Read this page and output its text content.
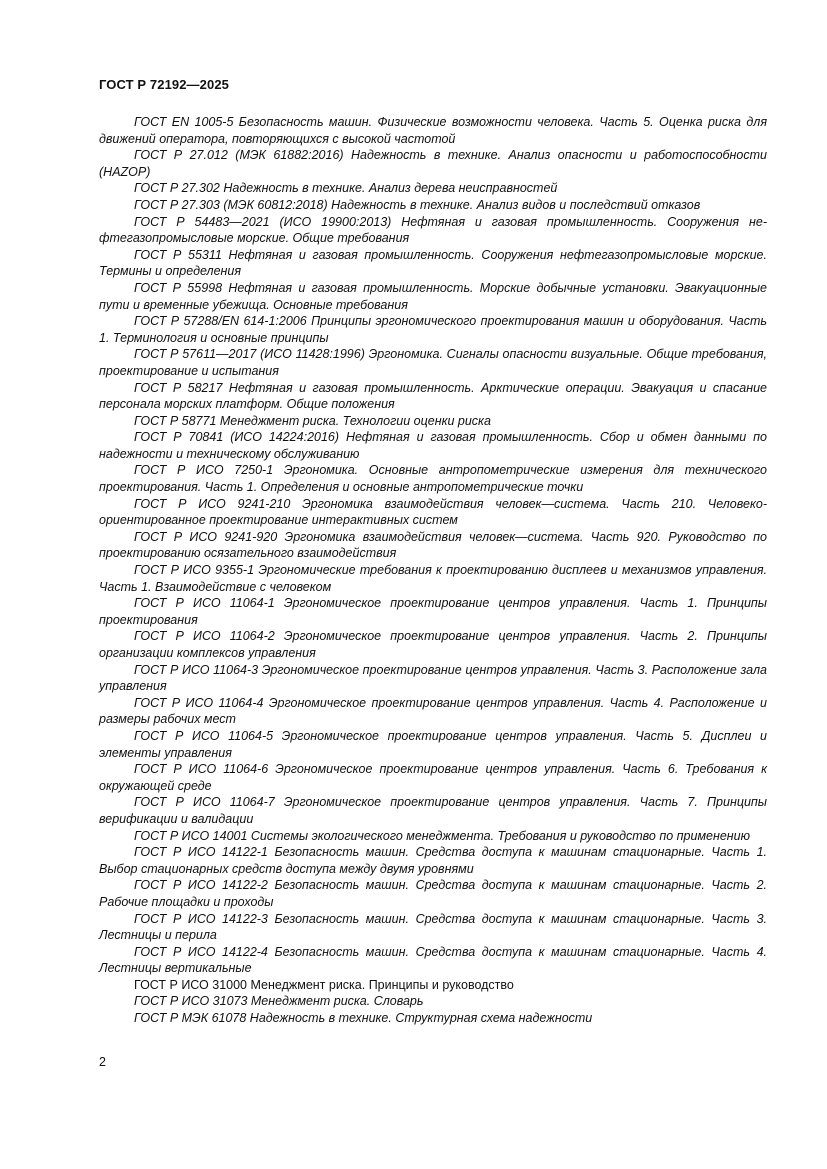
ГОСТ Р 72192—2025

ГОСТ EN 1005-5 Безопасность машин. Физические возможности человека. Часть 5. Оценка риска для движений оператора, повторяющихся с высокой частотой

ГОСТ Р 27.012 (МЭК 61882:2016) Надежность в технике. Анализ опасности и работоспособности (HAZOP)

ГОСТ Р 27.302 Надежность в технике. Анализ дерева неисправностей

ГОСТ Р 27.303 (МЭК 60812:2018) Надежность в технике. Анализ видов и последствий отказов

ГОСТ Р 54483—2021 (ИСО 19900:2013) Нефтяная и газовая промышленность. Сооружения нефтегазопромысловые морские. Общие требования

ГОСТ Р 55311 Нефтяная и газовая промышленность. Сооружения нефтегазопромысловые морские. Термины и определения

ГОСТ Р 55998 Нефтяная и газовая промышленность. Морские добычные установки. Эвакуационные пути и временные убежища. Основные требования

ГОСТ Р 57288/EN 614-1:2006 Принципы эргономического проектирования машин и оборудования. Часть 1. Терминология и основные принципы

ГОСТ Р 57611—2017 (ИСО 11428:1996) Эргономика. Сигналы опасности визуальные. Общие требования, проектирование и испытания

ГОСТ Р 58217 Нефтяная и газовая промышленность. Арктические операции. Эвакуация и спасание персонала морских платформ. Общие положения

ГОСТ Р 58771 Менеджмент риска. Технологии оценки риска

ГОСТ Р 70841 (ИСО 14224:2016) Нефтяная и газовая промышленность. Сбор и обмен данными по надежности и техническому обслуживанию

ГОСТ Р ИСО 7250-1 Эргономика. Основные антропометрические измерения для технического проектирования. Часть 1. Определения и основные антропометрические точки

ГОСТ Р ИСО 9241-210 Эргономика взаимодействия человек—система. Часть 210. Человекоориентированное проектирование интерактивных систем

ГОСТ Р ИСО 9241-920 Эргономика взаимодействия человек—система. Часть 920. Руководство по проектированию осязательного взаимодействия

ГОСТ Р ИСО 9355-1 Эргономические требования к проектированию дисплеев и механизмов управления. Часть 1. Взаимодействие с человеком

ГОСТ Р ИСО 11064-1 Эргономическое проектирование центров управления. Часть 1. Принципы проектирования

ГОСТ Р ИСО 11064-2 Эргономическое проектирование центров управления. Часть 2. Принципы организации комплексов управления

ГОСТ Р ИСО 11064-3 Эргономическое проектирование центров управления. Часть 3. Расположение зала управления

ГОСТ Р ИСО 11064-4 Эргономическое проектирование центров управления. Часть 4. Расположение и размеры рабочих мест

ГОСТ Р ИСО 11064-5 Эргономическое проектирование центров управления. Часть 5. Дисплеи и элементы управления

ГОСТ Р ИСО 11064-6 Эргономическое проектирование центров управления. Часть 6. Требования к окружающей среде

ГОСТ Р ИСО 11064-7 Эргономическое проектирование центров управления. Часть 7. Принципы верификации и валидации

ГОСТ Р ИСО 14001 Системы экологического менеджмента. Требования и руководство по применению

ГОСТ Р ИСО 14122-1 Безопасность машин. Средства доступа к машинам стационарные. Часть 1. Выбор стационарных средств доступа между двумя уровнями

ГОСТ Р ИСО 14122-2 Безопасность машин. Средства доступа к машинам стационарные. Часть 2. Рабочие площадки и проходы

ГОСТ Р ИСО 14122-3 Безопасность машин. Средства доступа к машинам стационарные. Часть 3. Лестницы и перила

ГОСТ Р ИСО 14122-4 Безопасность машин. Средства доступа к машинам стационарные. Часть 4. Лестницы вертикальные

ГОСТ Р ИСО 31000 Менеджмент риска. Принципы и руководство

ГОСТ Р ИСО 31073 Менеджмент риска. Словарь

ГОСТ Р МЭК 61078 Надежность в технике. Структурная схема надежности

2
